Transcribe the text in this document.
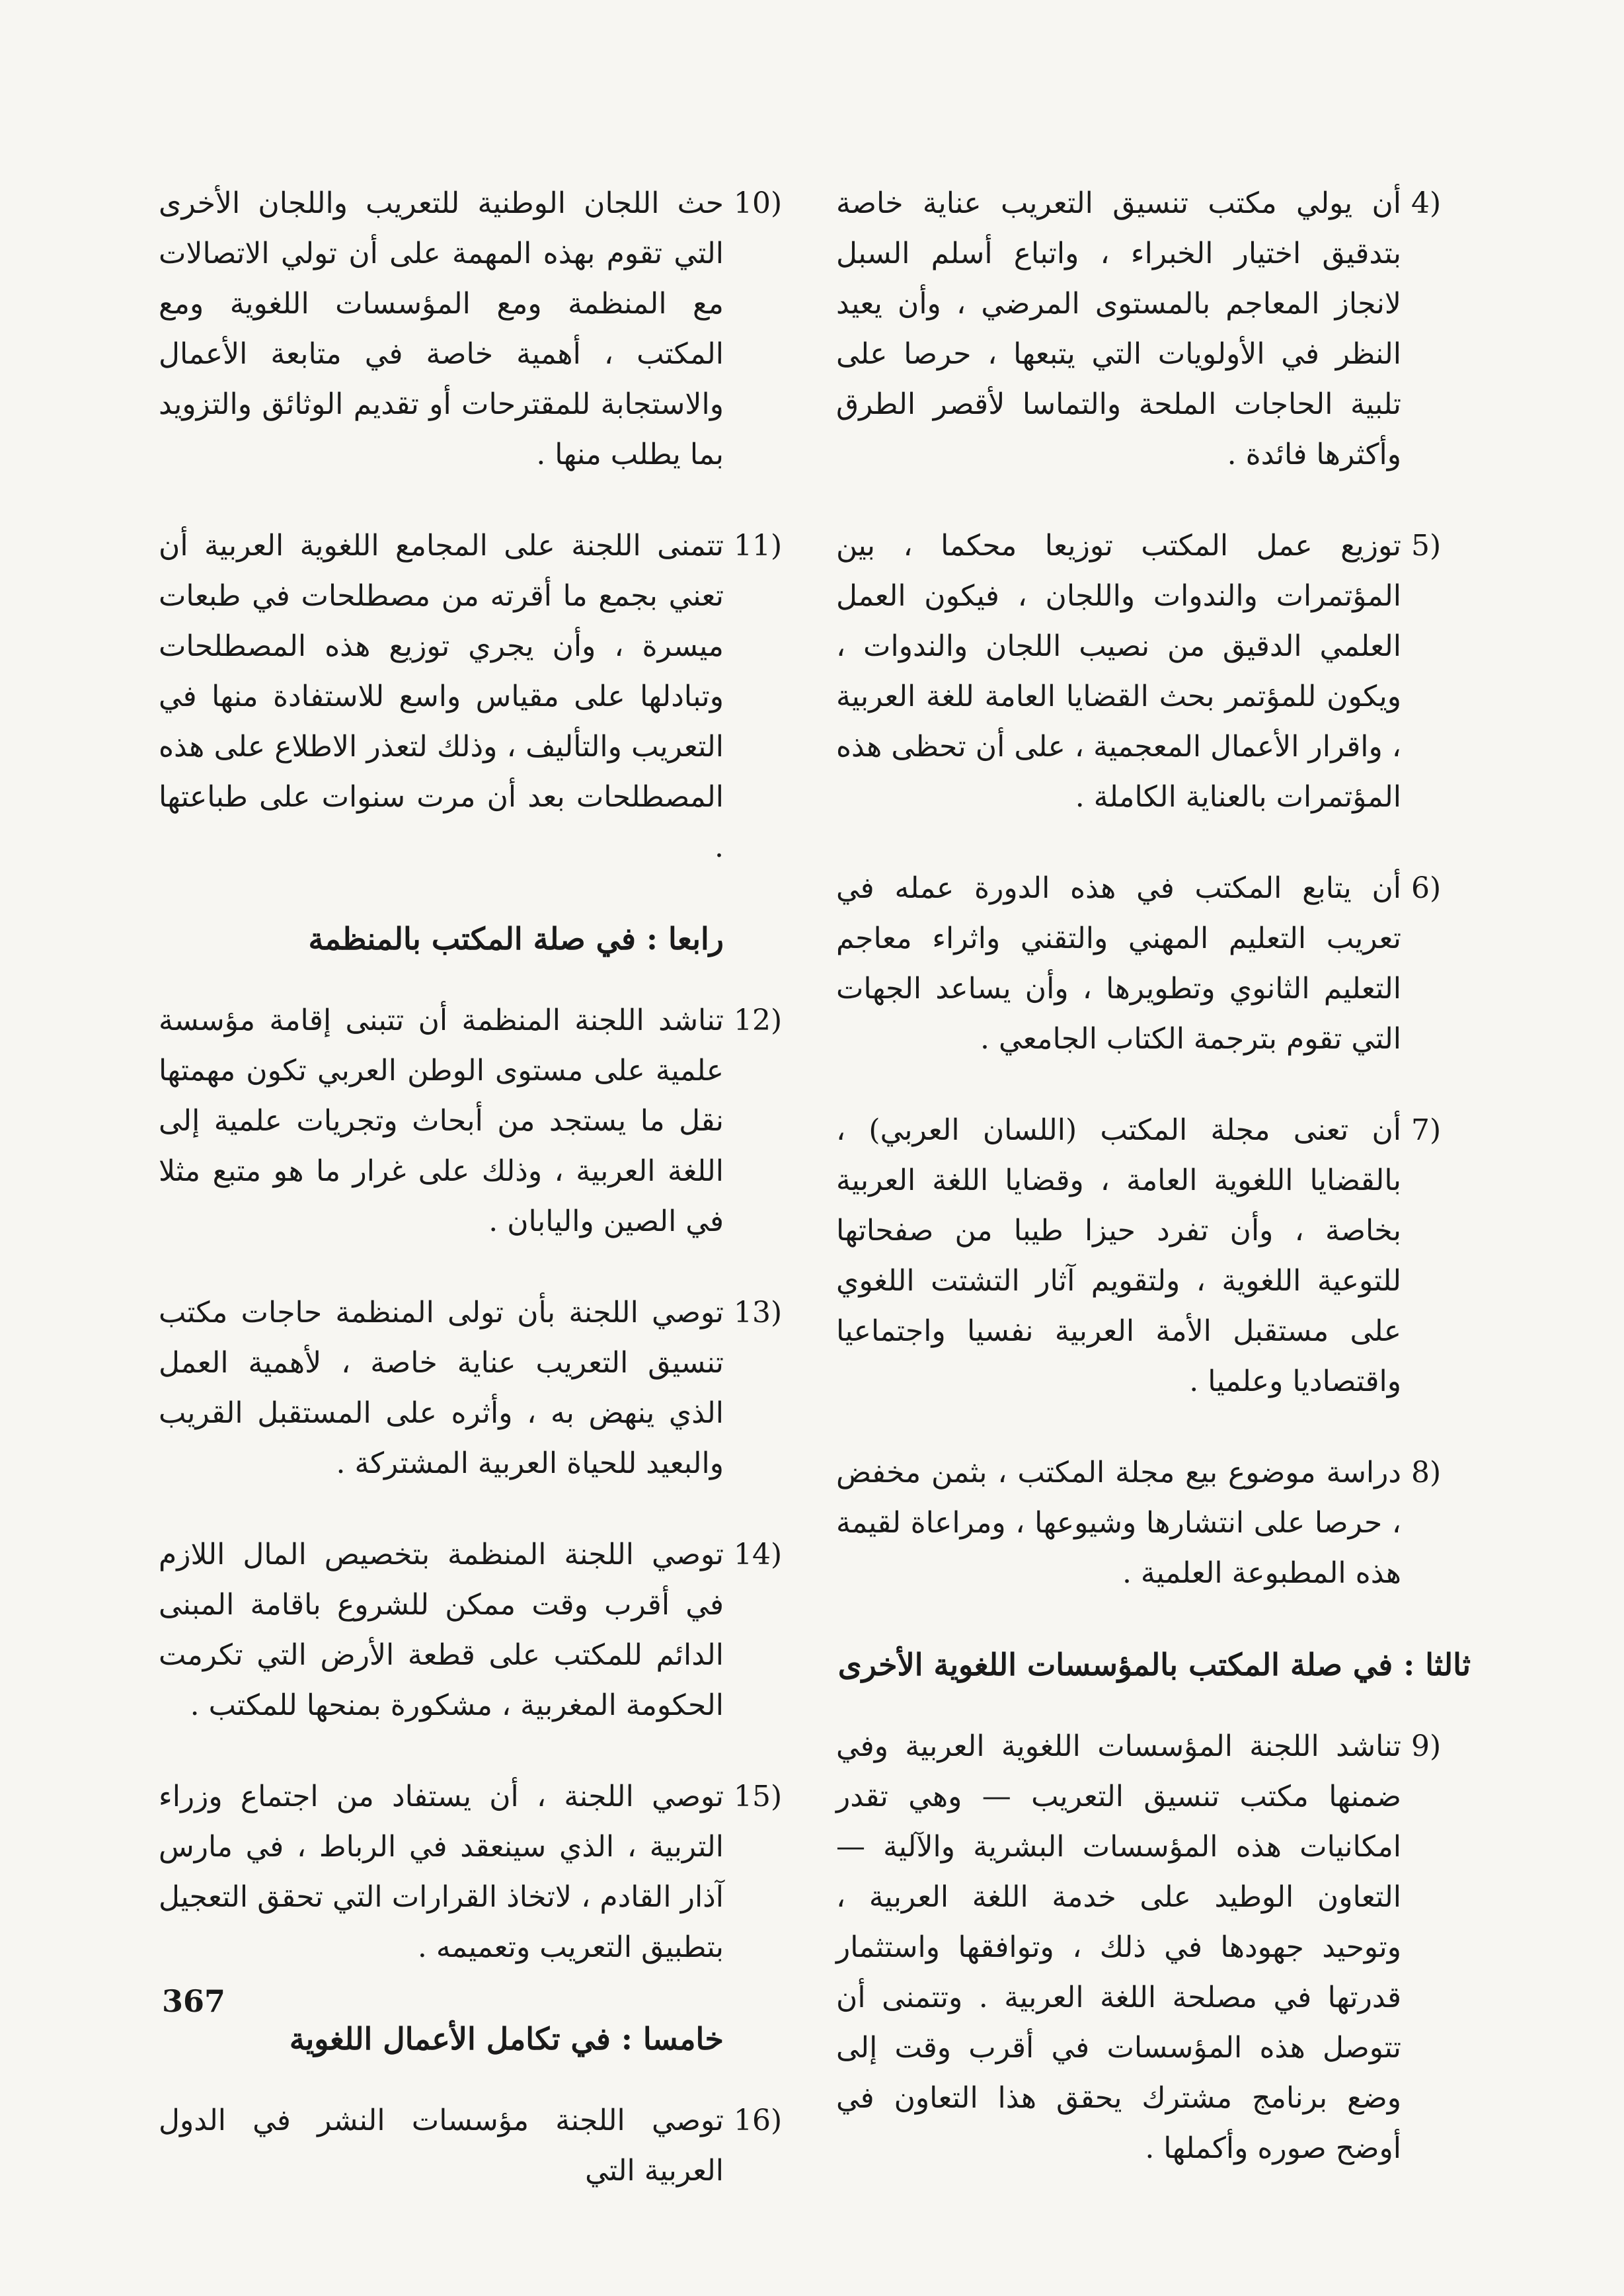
4)
أن يولي مكتب تنسيق التعريب عناية خاصة بتدقيق اختيار الخبراء ، واتباع أسلم السبل لانجاز المعاجم بالمستوى المرضي ، وأن يعيد النظر في الأولويات التي يتبعها ، حرصا على تلبية الحاجات الملحة والتماسا لأقصر الطرق وأكثرها فائدة .
5)
توزيع عمل المكتب توزيعا محكما ، بين المؤتمرات والندوات واللجان ، فيكون العمل العلمي الدقيق من نصيب اللجان والندوات ، ويكون للمؤتمر بحث القضايا العامة للغة العربية ، واقرار الأعمال المعجمية ، على أن تحظى هذه المؤتمرات بالعناية الكاملة .
6)
أن يتابع المكتب في هذه الدورة عمله في تعريب التعليم المهني والتقني واثراء معاجم التعليم الثانوي وتطويرها ، وأن يساعد الجهات التي تقوم بترجمة الكتاب الجامعي .
7)
أن تعنى مجلة المكتب (اللسان العربي) ، بالقضايا اللغوية العامة ، وقضايا اللغة العربية بخاصة ، وأن تفرد حيزا طيبا من صفحاتها للتوعية اللغوية ، ولتقويم آثار التشتت اللغوي على مستقبل الأمة العربية نفسيا واجتماعيا واقتصاديا وعلميا .
8)
دراسة موضوع بيع مجلة المكتب ، بثمن مخفض ، حرصا على انتشارها وشيوعها ، ومراعاة لقيمة هذه المطبوعة العلمية .
ثالثا : في صلة المكتب بالمؤسسات اللغوية الأخرى
9)
تناشد اللجنة المؤسسات اللغوية العربية وفي ضمنها مكتب تنسيق التعريب — وهي تقدر امكانيات هذه المؤسسات البشرية والآلية — التعاون الوطيد على خدمة اللغة العربية ، وتوحيد جهودها في ذلك ، وتوافقها واستثمار قدرتها في مصلحة اللغة العربية . وتتمنى أن تتوصل هذه المؤسسات في أقرب وقت إلى وضع برنامج مشترك يحقق هذا التعاون في أوضح صوره وأكملها .
10)
حث اللجان الوطنية للتعريب واللجان الأخرى التي تقوم بهذه المهمة على أن تولي الاتصالات مع المنظمة ومع المؤسسات اللغوية ومع المكتب ، أهمية خاصة في متابعة الأعمال والاستجابة للمقترحات أو تقديم الوثائق والتزويد بما يطلب منها .
11)
تتمنى اللجنة على المجامع اللغوية العربية أن تعني بجمع ما أقرته من مصطلحات في طبعات ميسرة ، وأن يجري توزيع هذه المصطلحات وتبادلها على مقياس واسع للاستفادة منها في التعريب والتأليف ، وذلك لتعذر الاطلاع على هذه المصطلحات بعد أن مرت سنوات على طباعتها .
رابعا : في صلة المكتب بالمنظمة
12)
تناشد اللجنة المنظمة أن تتبنى إقامة مؤسسة علمية على مستوى الوطن العربي تكون مهمتها نقل ما يستجد من أبحاث وتجريات علمية إلى اللغة العربية ، وذلك على غرار ما هو متبع مثلا في الصين واليابان .
13)
توصي اللجنة بأن تولى المنظمة حاجات مكتب تنسيق التعريب عناية خاصة ، لأهمية العمل الذي ينهض به ، وأثره على المستقبل القريب والبعيد للحياة العربية المشتركة .
14)
توصي اللجنة المنظمة بتخصيص المال اللازم في أقرب وقت ممكن للشروع باقامة المبنى الدائم للمكتب على قطعة الأرض التي تكرمت الحكومة المغربية ، مشكورة بمنحها للمكتب .
15)
توصي اللجنة ، أن يستفاد من اجتماع وزراء التربية ، الذي سينعقد في الرباط ، في مارس آذار القادم ، لاتخاذ القرارات التي تحقق التعجيل بتطبيق التعريب وتعميمه .
خامسا : في تكامل الأعمال اللغوية
16)
توصي اللجنة مؤسسات النشر في الدول العربية التي
367
